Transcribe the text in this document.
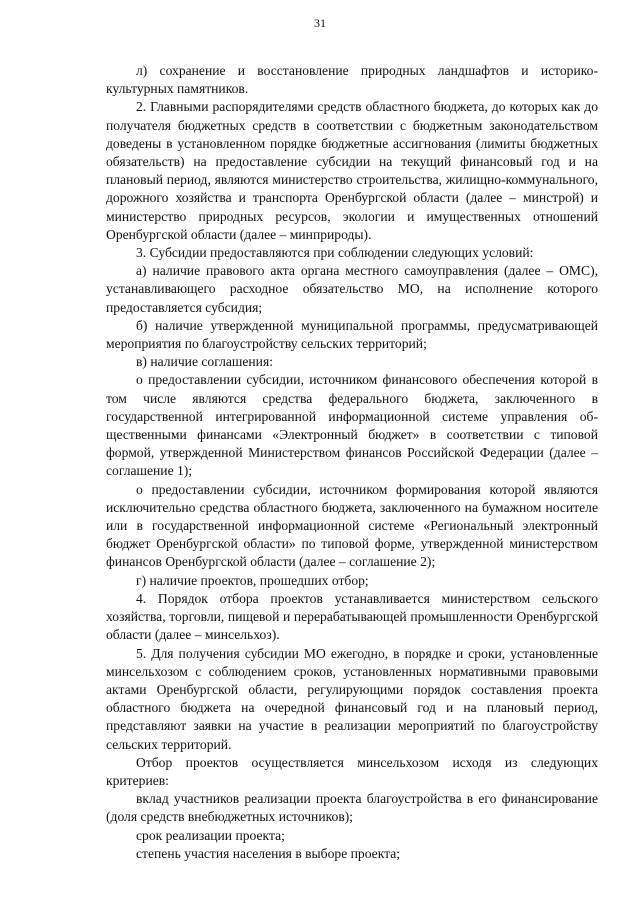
31

л) сохранение и восстановление природных ландшафтов и историко-культурных памятников.

2. Главными распорядителями средств областного бюджета, до которых как до получателя бюджетных средств в соответствии с бюджетным законодательством доведены в установленном порядке бюджетные ассигнования (лимиты бюджетных обязательств) на предоставление субсидии на текущий финансовый год и на плановый период, являются министерство строительства, жилищно-коммунального, дорожного хозяйства и транспорта Оренбургской области (далее – минстрой) и министерство природных ресурсов, экологии и имущественных отношений Оренбургской области (далее – минприроды).

3. Субсидии предоставляются при соблюдении следующих условий:

а) наличие правового акта органа местного самоуправления (далее – ОМС), устанавливающего расходное обязательство МО, на исполнение которого предоставляется субсидия;

б) наличие утвержденной муниципальной программы, предусматривающей мероприятия по благоустройству сельских территорий;

в) наличие соглашения:

о предоставлении субсидии, источником финансового обеспечения которой в том числе являются средства федерального бюджета, заключенного в государственной интегрированной информационной системе управления общественными финансами «Электронный бюджет» в соответствии с типовой формой, утвержденной Министерством финансов Российской Федерации (далее – соглашение 1);

о предоставлении субсидии, источником формирования которой являются исключительно средства областного бюджета, заключенного на бумажном носителе или в государственной информационной системе «Региональный электронный бюджет Оренбургской области» по типовой форме, утвержденной министерством финансов Оренбургской области (далее – соглашение 2);

г) наличие проектов, прошедших отбор;

4. Порядок отбора проектов устанавливается министерством сельского хозяйства, торговли, пищевой и перерабатывающей промышленности Оренбургской области (далее – минсельхоз).

5. Для получения субсидии МО ежегодно, в порядке и сроки, установленные минсельхозом с соблюдением сроков, установленных нормативными правовыми актами Оренбургской области, регулирующими порядок составления проекта областного бюджета на очередной финансовый год и на плановый период, представляют заявки на участие в реализации мероприятий по благоустройству сельских территорий.

Отбор проектов осуществляется минсельхозом исходя из следующих критериев:

вклад участников реализации проекта благоустройства в его финансирование (доля средств внебюджетных источников);

срок реализации проекта;

степень участия населения в выборе проекта;
